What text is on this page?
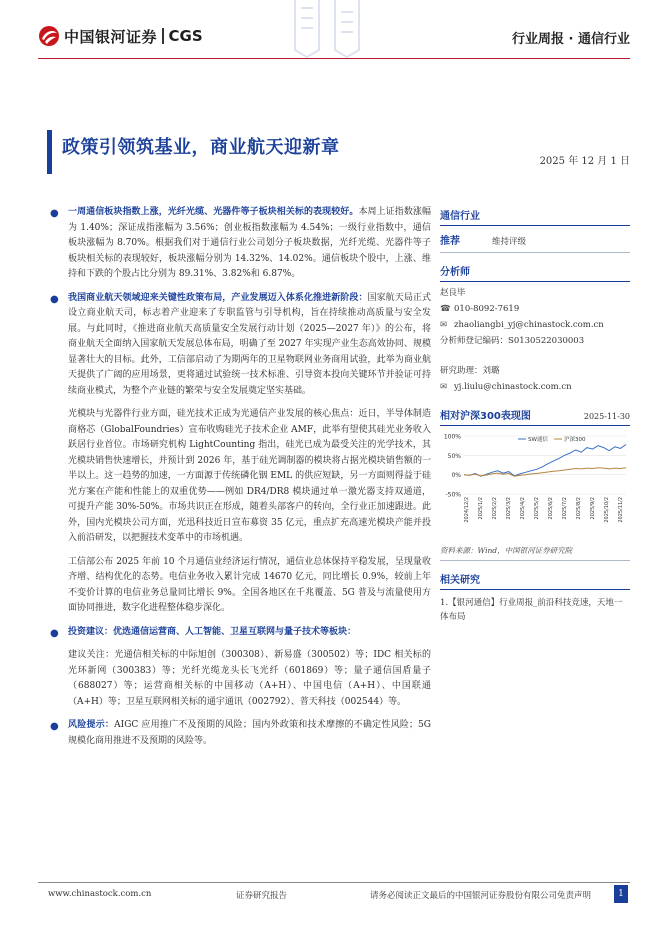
中国银河证券 CGS	行业周报 · 通信行业
政策引领筑基业，商业航天迎新章
2025 年 12 月 1 日
● 一周通信板块指数上涨，光纤光缆、光器件等子板块相关标的表现较好。本周上证指数涨幅为 1.40%；深证成指涨幅为 3.56%；创业板指数涨幅为 4.54%；一级行业指数中，通信板块涨幅为 8.70%。根据我们对于通信行业公司划分子板块数据，光纤光缆、光器件等子板块相关标的表现较好，板块涨幅分别为 14.32%、14.02%。通信板块个股中，上涨、维持和下跌的个股占比分别为 89.31%、3.82%和 6.87%。
● 我国商业航天领域迎来关键性政策布局，产业发展迈入体系化推进新阶段：国家航天局正式设立商业航天司，标志着产业迎来了专职监管与引导机构，旨在持续推动高质量与安全发展。与此同时，《推进商业航天高质量安全发展行动计划（2025—2027 年）》的公布，将商业航天全面纳入国家航天发展总体布局，明确了至 2027 年实现产业生态高效协同、规模显著壮大的目标。此外，工信部启动了为期两年的卫星物联网业务商用试验，此举为商业航天提供了广阔的应用场景，更将通过试验统一技术标准、引导资本投向关键环节并验证可持续商业模式，为整个产业链的繁荣与安全发展奠定坚实基础。
光模块与光器件行业方面，硅光技术正成为光通信产业发展的核心焦点：近日，半导体制造商格芯（GlobalFoundries）宣布收购硅光子技术企业 AMF，此举有望使其硅光业务收入跃居行业首位。市场研究机构 LightCounting 指出，硅光已成为最受关注的光学技术，其光模块销售快速增长，并预计到 2026 年，基于硅光调制器的模块将占据光模块销售额的一半以上。这一趋势的加速，一方面源于传统磷化铟 EML 的供应短缺，另一方面则得益于硅光方案在产能和性能上的双重优势——例如 DR4/DR8 模块通过单一激光器支持双通道，可提升产能 30%-50%。市场共识正在形成，随着头部客户的转向，全行业正加速跟进。此外，国内光模块公司方面，光迅科技近日宣布募资 35 亿元，重点扩充高速光模块产能并投入前沿研发，以把握技术变革中的市场机遇。
工信部公布 2025 年前 10 个月通信业经济运行情况，通信业总体保持平稳发展，呈现量收齐增、结构优化的态势。电信业务收入累计完成 14670 亿元，同比增长 0.9%，较前上年不变价计算的电信业务总量同比增长 9%。全国各地区在千兆覆盖、5G 普及与流量使用方面协同推进，数字化进程整体稳步深化。
● 投资建议：优选通信运营商、人工智能、卫星互联网与量子技术等板块：
建议关注：光通信相关标的中际旭创（300308）、新易盛（300502）等；IDC 相关标的光环新网（300383）等；光纤光缆龙头长飞光纤（601869）等；量子通信国盾量子（688027）等；运营商相关标的中国移动（A+H）、中国电信（A+H）、中国联通（A+H）等；卫星互联网相关标的通宇通讯（002792）、普天科技（002544）等。
● 风险提示：AIGC 应用推广不及预期的风险；国内外政策和技术摩擦的不确定性风险；5G 规模化商用推进不及预期的风险等。
通信行业
推荐	维持评级
分析师
赵良毕
☎ 010-8092-7619
✉ zhaoliangbi_yj@chinastock.com.cn
分析师登记编码：S0130522030003
研究助理：刘璐
✉ yj.liulu@chinastock.com.cn
相对沪深300表现图	2025-11-30
100%
50%
0%
-50%
2024/12/2 2025/1/2 2025/2/2 2025/3/2 2025/4/2 2025/5/2 2025/6/2 2025/7/2 2025/8/2 2025/9/2 2025/10/2 2025/11/2
SW通信	沪深300
资料来源：Wind，中国银河证券研究院
相关研究
1.【银河通信】行业周报_前沿科技竞速，天地一体布局
www.chinastock.com.cn	证券研究报告	请务必阅读正文最后的中国银河证券股份有限公司免责声明	1
